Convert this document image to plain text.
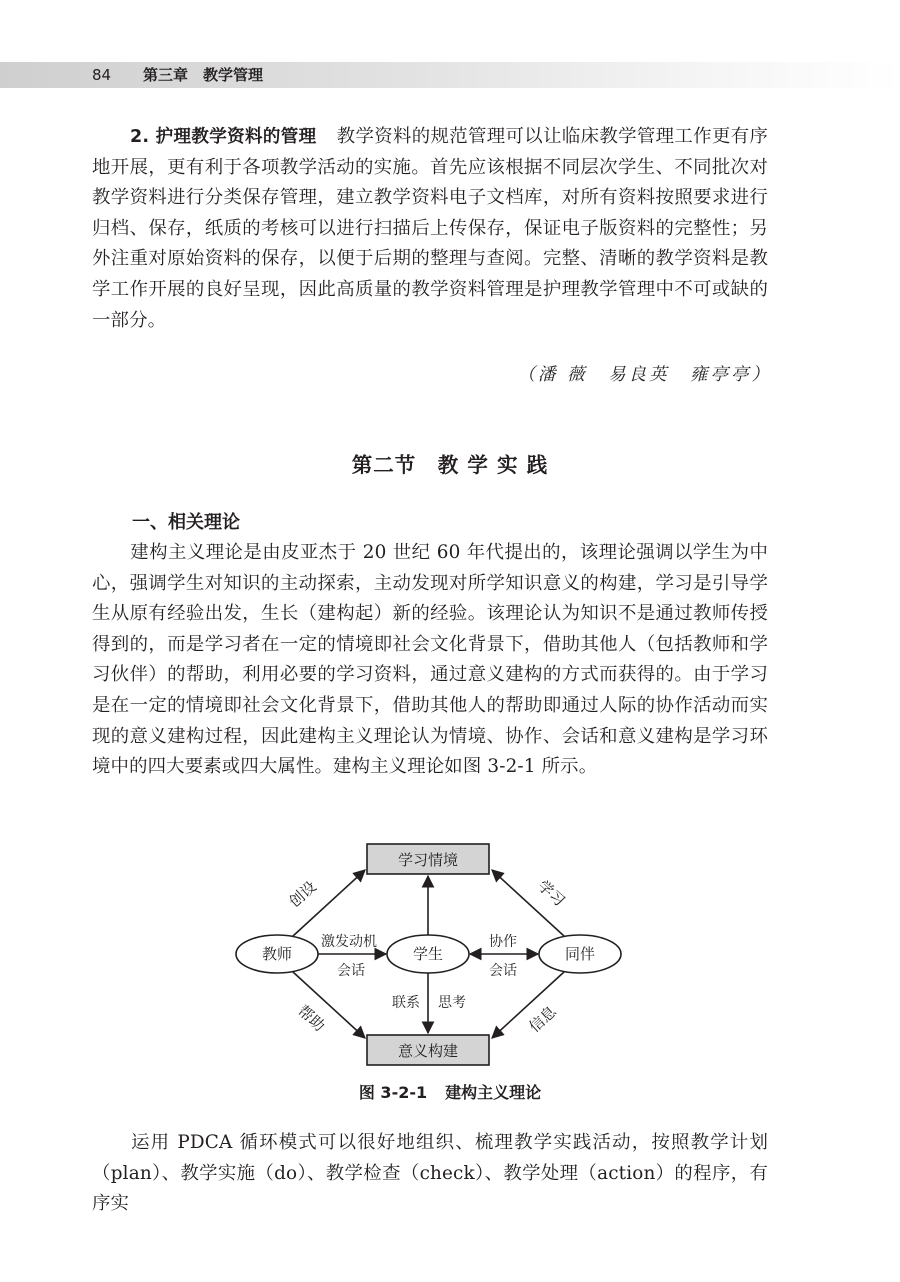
84 第三章　教学管理

2. 护理教学资料的管理 教学资料的规范管理可以让临床教学管理工作更有序地开展，更有利于各项教学活动的实施。首先应该根据不同层次学生、不同批次对教学资料进行分类保存管理，建立教学资料电子文档库，对所有资料按照要求进行归档、保存，纸质的考核可以进行扫描后上传保存，保证电子版资料的完整性；另外注重对原始资料的保存，以便于后期的整理与查阅。完整、清晰的教学资料是教学工作开展的良好呈现，因此高质量的教学资料管理是护理教学管理中不可或缺的一部分。

（潘 薇　易良英　雍亭亭）
第二节　教 学 实 践
一、相关理论

建构主义理论是由皮亚杰于 20 世纪 60 年代提出的，该理论强调以学生为中心，强调学生对知识的主动探索，主动发现对所学知识意义的构建，学习是引导学生从原有经验出发，生长（建构起）新的经验。该理论认为知识不是通过教师传授得到的，而是学习者在一定的情境即社会文化背景下，借助其他人（包括教师和学习伙伴）的帮助，利用必要的学习资料，通过意义建构的方式而获得的。由于学习是在一定的情境即社会文化背景下，借助其他人的帮助即通过人际的协作活动而实现的意义建构过程，因此建构主义理论认为情境、协作、会话和意义建构是学习环境中的四大要素或四大属性。建构主义理论如图 3-2-1 所示。

学习情境
意义构建
教师	学生	同伴
创设	学习
激发动机
会话
协作
会话
联系 思考
帮助	信息
图 3-2-1 建构主义理论

运用 PDCA 循环模式可以很好地组织、梳理教学实践活动，按照教学计划（plan）、教学实施（do）、教学检查（check）、教学处理（action）的程序，有序实
